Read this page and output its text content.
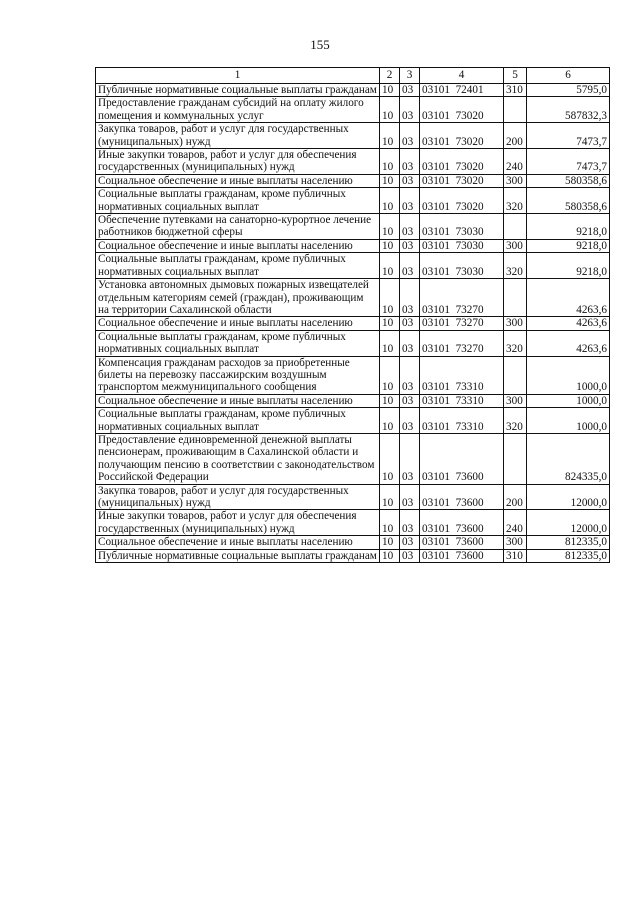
155
1	2	3	4	5	6
Публичные нормативные социальные выплаты гражданам	10	03	03101  72401	310	5795,0
Предоставление гражданам субсидий на оплату жилого помещения и коммунальных услуг	10	03	03101  73020		587832,3
Закупка товаров, работ и услуг для государственных (муниципальных) нужд	10	03	03101  73020	200	7473,7
Иные закупки товаров, работ и услуг для обеспечения государственных (муниципальных) нужд	10	03	03101  73020	240	7473,7
Социальное обеспечение и иные выплаты населению	10	03	03101  73020	300	580358,6
Социальные выплаты гражданам, кроме публичных нормативных социальных выплат	10	03	03101  73020	320	580358,6
Обеспечение путевками на санаторно-курортное лечение работников бюджетной сферы	10	03	03101  73030		9218,0
Социальное обеспечение и иные выплаты населению	10	03	03101  73030	300	9218,0
Социальные выплаты гражданам, кроме публичных нормативных социальных выплат	10	03	03101  73030	320	9218,0
Установка автономных дымовых пожарных извещателей отдельным категориям семей (граждан), проживающим на территории Сахалинской области	10	03	03101  73270		4263,6
Социальное обеспечение и иные выплаты населению	10	03	03101  73270	300	4263,6
Социальные выплаты гражданам, кроме публичных нормативных социальных выплат	10	03	03101  73270	320	4263,6
Компенсация гражданам расходов за приобретенные билеты на перевозку пассажирским воздушным транспортом межмуниципального сообщения	10	03	03101  73310		1000,0
Социальное обеспечение и иные выплаты населению	10	03	03101  73310	300	1000,0
Социальные выплаты гражданам, кроме публичных нормативных социальных выплат	10	03	03101  73310	320	1000,0
Предоставление единовременной денежной выплаты пенсионерам, проживающим в Сахалинской области и получающим пенсию в соответствии с законодательством Российской Федерации	10	03	03101  73600		824335,0
Закупка товаров, работ и услуг для государственных (муниципальных) нужд	10	03	03101  73600	200	12000,0
Иные закупки товаров, работ и услуг для обеспечения государственных (муниципальных) нужд	10	03	03101  73600	240	12000,0
Социальное обеспечение и иные выплаты населению	10	03	03101  73600	300	812335,0
Публичные нормативные социальные выплаты гражданам	10	03	03101  73600	310	812335,0
